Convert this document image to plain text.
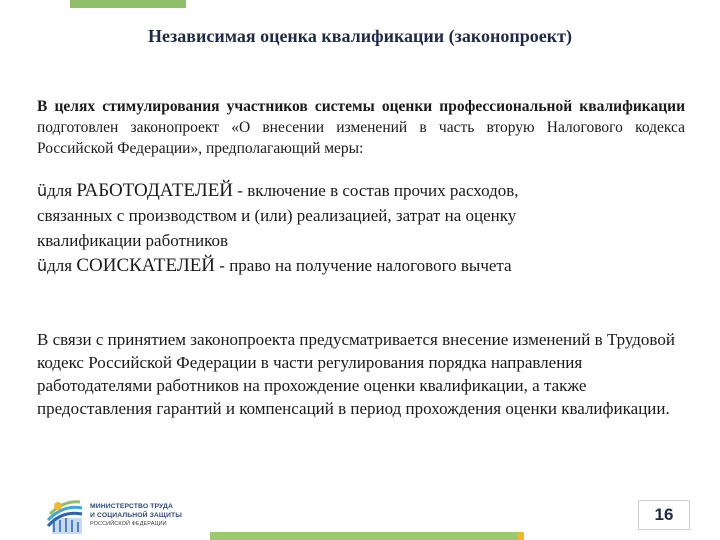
Независимая оценка квалификации (законопроект)
В целях стимулирования участников системы оценки профессиональной квалификации подготовлен законопроект «О внесении изменений в часть вторую Налогового кодекса Российской Федерации», предполагающий меры:
üдля РАБОТОДАТЕЛЕЙ - включение в состав прочих расходов,
связанных с производством и (или) реализацией, затрат на оценку
квалификации работников
üдля СОИСКАТЕЛЕЙ - право на получение налогового вычета
В связи с принятием законопроекта предусматривается внесение изменений в Трудовой кодекс Российской Федерации в части регулирования порядка направления работодателями работников на прохождение оценки квалификации, а также предоставления гарантий и компенсаций в период прохождения оценки квалификации.
МИНИСТЕРСТВО ТРУДА
И СОЦИАЛЬНОЙ ЗАЩИТЫ

РОССИЙСКОЙ ФЕДЕРАЦИИ	16
